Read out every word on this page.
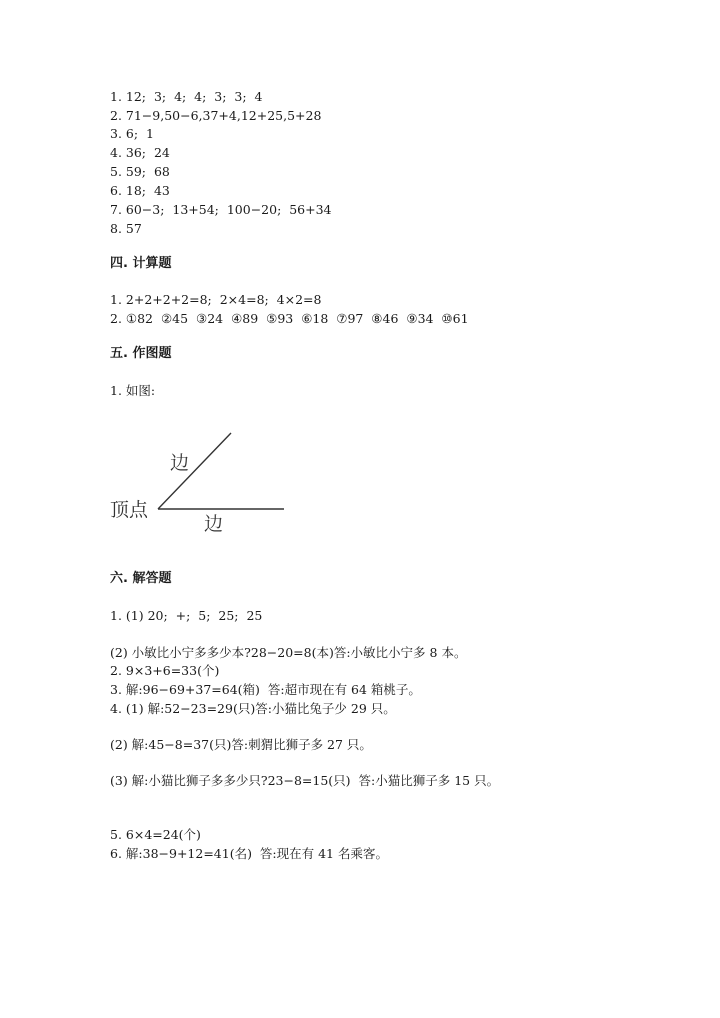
1. 12;  3;  4;  4;  3;  3;  4
2. 71−9,50−6,37+4,12+25,5+28
3. 6;  1
4. 36;  24
5. 59;  68
6. 18;  43
7. 60−3;  13+54;  100−20;  56+34
8. 57
四. 计算题
1. 2+2+2+2=8;  2×4=8;  4×2=8
2. ①82  ②45  ③24  ④89  ⑤93  ⑥18  ⑦97  ⑧46  ⑨34  ⑩61
五. 作图题
1. 如图:
边
边
顶点
六. 解答题
1. (1) 20;  +;  5;  25;  25
(2) 小敏比小宁多多少本?28−20=8(本)答:小敏比小宁多 8 本。
2. 9×3+6=33(个)
3. 解:96−69+37=64(箱)  答:超市现在有 64 箱桃子。
4. (1) 解:52−23=29(只)答:小猫比兔子少 29 只。
(2) 解:45−8=37(只)答:刺猬比狮子多 27 只。
(3) 解:小猫比狮子多多少只?23−8=15(只)  答:小猫比狮子多 15 只。
5. 6×4=24(个)
6. 解:38−9+12=41(名)  答:现在有 41 名乘客。
